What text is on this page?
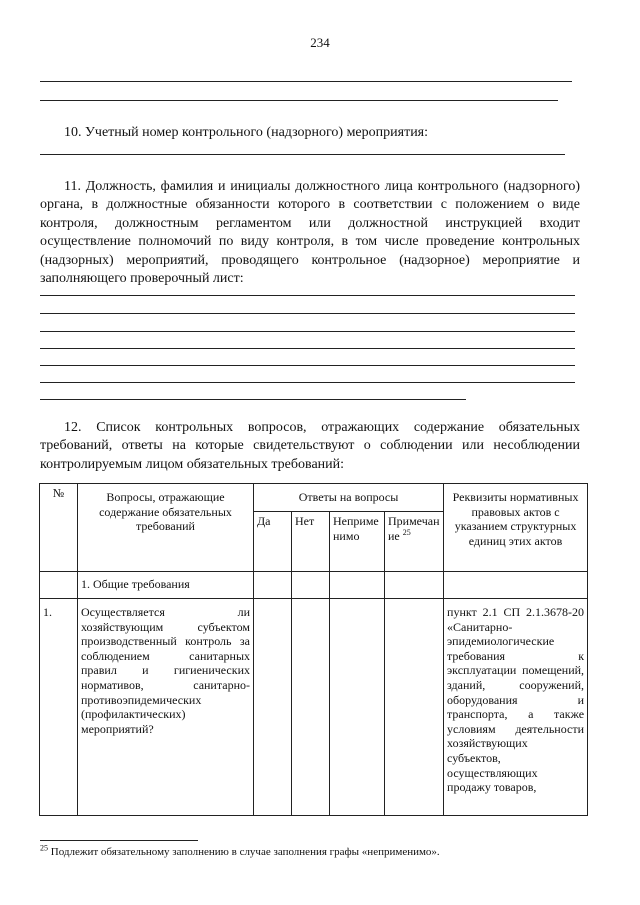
234

10. Учетный номер контрольного (надзорного) мероприятия:

11. Должность, фамилия и инициалы должностного лица контрольного (надзорного) органа, в должностные обязанности которого в соответствии с положением о виде контроля, должностным регламентом или должностной инструкцией входит осуществление полномочий по виду контроля, в том числе проведение контрольных (надзорных) мероприятий, проводящего контрольное (надзорное) мероприятие и заполняющего проверочный лист:

12. Список контрольных вопросов, отражающих содержание обязательных требований, ответы на которые свидетельствуют о соблюдении или несоблюдении контролируемым лицом обязательных требований:

№	Вопросы, отражающие содержание обязательных требований	Ответы на вопросы				Реквизиты нормативных правовых актов с указанием структурных единиц этих актов
		Да	Нет	Неприменимо	Примечание $^{25}$
	1. Общие требования					
1.	Осуществляется ли хозяйствующим субъектом производственный контроль за соблюдением санитарных правил и гигиенических нормативов, санитарно-противоэпидемических (профилактических) мероприятий?					пункт 2.1 СП 2.1.3678-20 «Санитарно-эпидемиологические требования к эксплуатации помещений, зданий, сооружений, оборудования и транспорта, а также условиям деятельности хозяйствующих субъектов, осуществляющих продажу товаров,
$^{25}$ Подлежит обязательному заполнению в случае заполнения графы «неприменимо».
